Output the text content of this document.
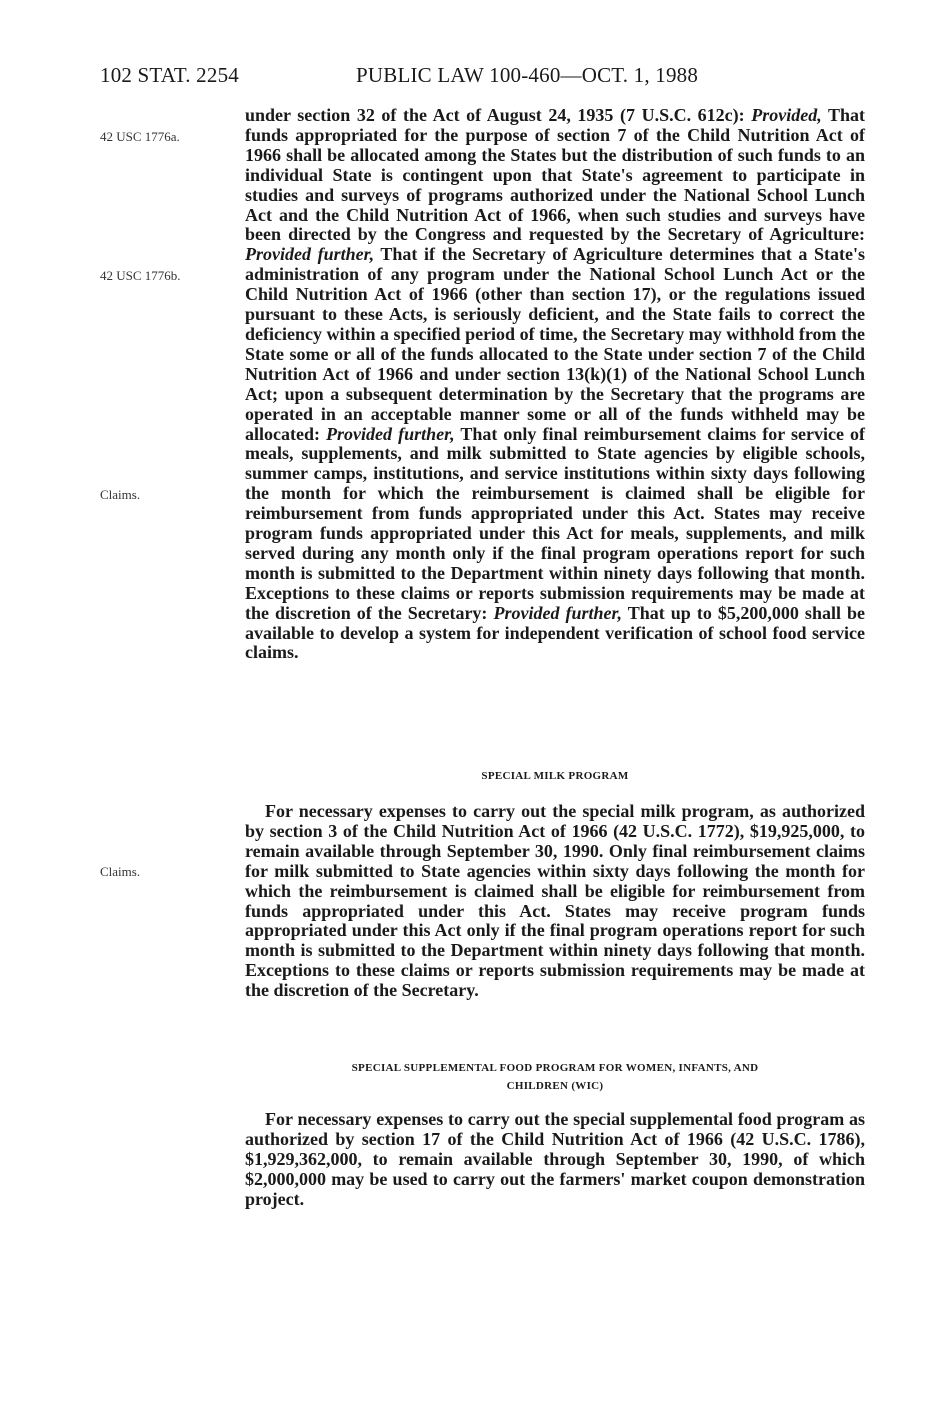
102 STAT. 2254	PUBLIC LAW 100-460—OCT. 1, 1988
42 USC 1776a.
42 USC 1776b.
Claims.
Claims.

under section 32 of the Act of August 24, 1935 (7 U.S.C. 612c): Provided, That funds appropriated for the purpose of section 7 of the Child Nutrition Act of 1966 shall be allocated among the States but the distribution of such funds to an individual State is contingent upon that State's agreement to participate in studies and surveys of programs authorized under the National School Lunch Act and the Child Nutrition Act of 1966, when such studies and surveys have been directed by the Congress and requested by the Secretary of Agriculture: Provided further, That if the Secretary of Agriculture determines that a State's administration of any program under the National School Lunch Act or the Child Nutrition Act of 1966 (other than section 17), or the regulations issued pursuant to these Acts, is seriously deficient, and the State fails to correct the deficiency within a specified period of time, the Secretary may withhold from the State some or all of the funds allocated to the State under section 7 of the Child Nutrition Act of 1966 and under section 13(k)(1) of the National School Lunch Act; upon a subsequent determination by the Secretary that the programs are operated in an acceptable manner some or all of the funds withheld may be allocated: Provided further, That only final reimbursement claims for service of meals, supplements, and milk submitted to State agencies by eligible schools, summer camps, institutions, and service institutions within sixty days following the month for which the reimbursement is claimed shall be eligible for reimbursement from funds appropriated under this Act. States may receive program funds appropriated under this Act for meals, supplements, and milk served during any month only if the final program operations report for such month is submitted to the Department within ninety days following that month. Exceptions to these claims or reports submission requirements may be made at the discretion of the Secretary: Provided further, That up to $5,200,000 shall be available to develop a system for independent verification of school food service claims.

SPECIAL MILK PROGRAM

For necessary expenses to carry out the special milk program, as authorized by section 3 of the Child Nutrition Act of 1966 (42 U.S.C. 1772), $19,925,000, to remain available through September 30, 1990. Only final reimbursement claims for milk submitted to State agencies within sixty days following the month for which the reimbursement is claimed shall be eligible for reimbursement from funds appropriated under this Act. States may receive program funds appropriated under this Act only if the final program operations report for such month is submitted to the Department within ninety days following that month. Exceptions to these claims or reports submission requirements may be made at the discretion of the Secretary.

SPECIAL SUPPLEMENTAL FOOD PROGRAM FOR WOMEN, INFANTS, AND
CHILDREN (WIC)

For necessary expenses to carry out the special supplemental food program as authorized by section 17 of the Child Nutrition Act of 1966 (42 U.S.C. 1786), $1,929,362,000, to remain available through September 30, 1990, of which $2,000,000 may be used to carry out the farmers' market coupon demonstration project.
